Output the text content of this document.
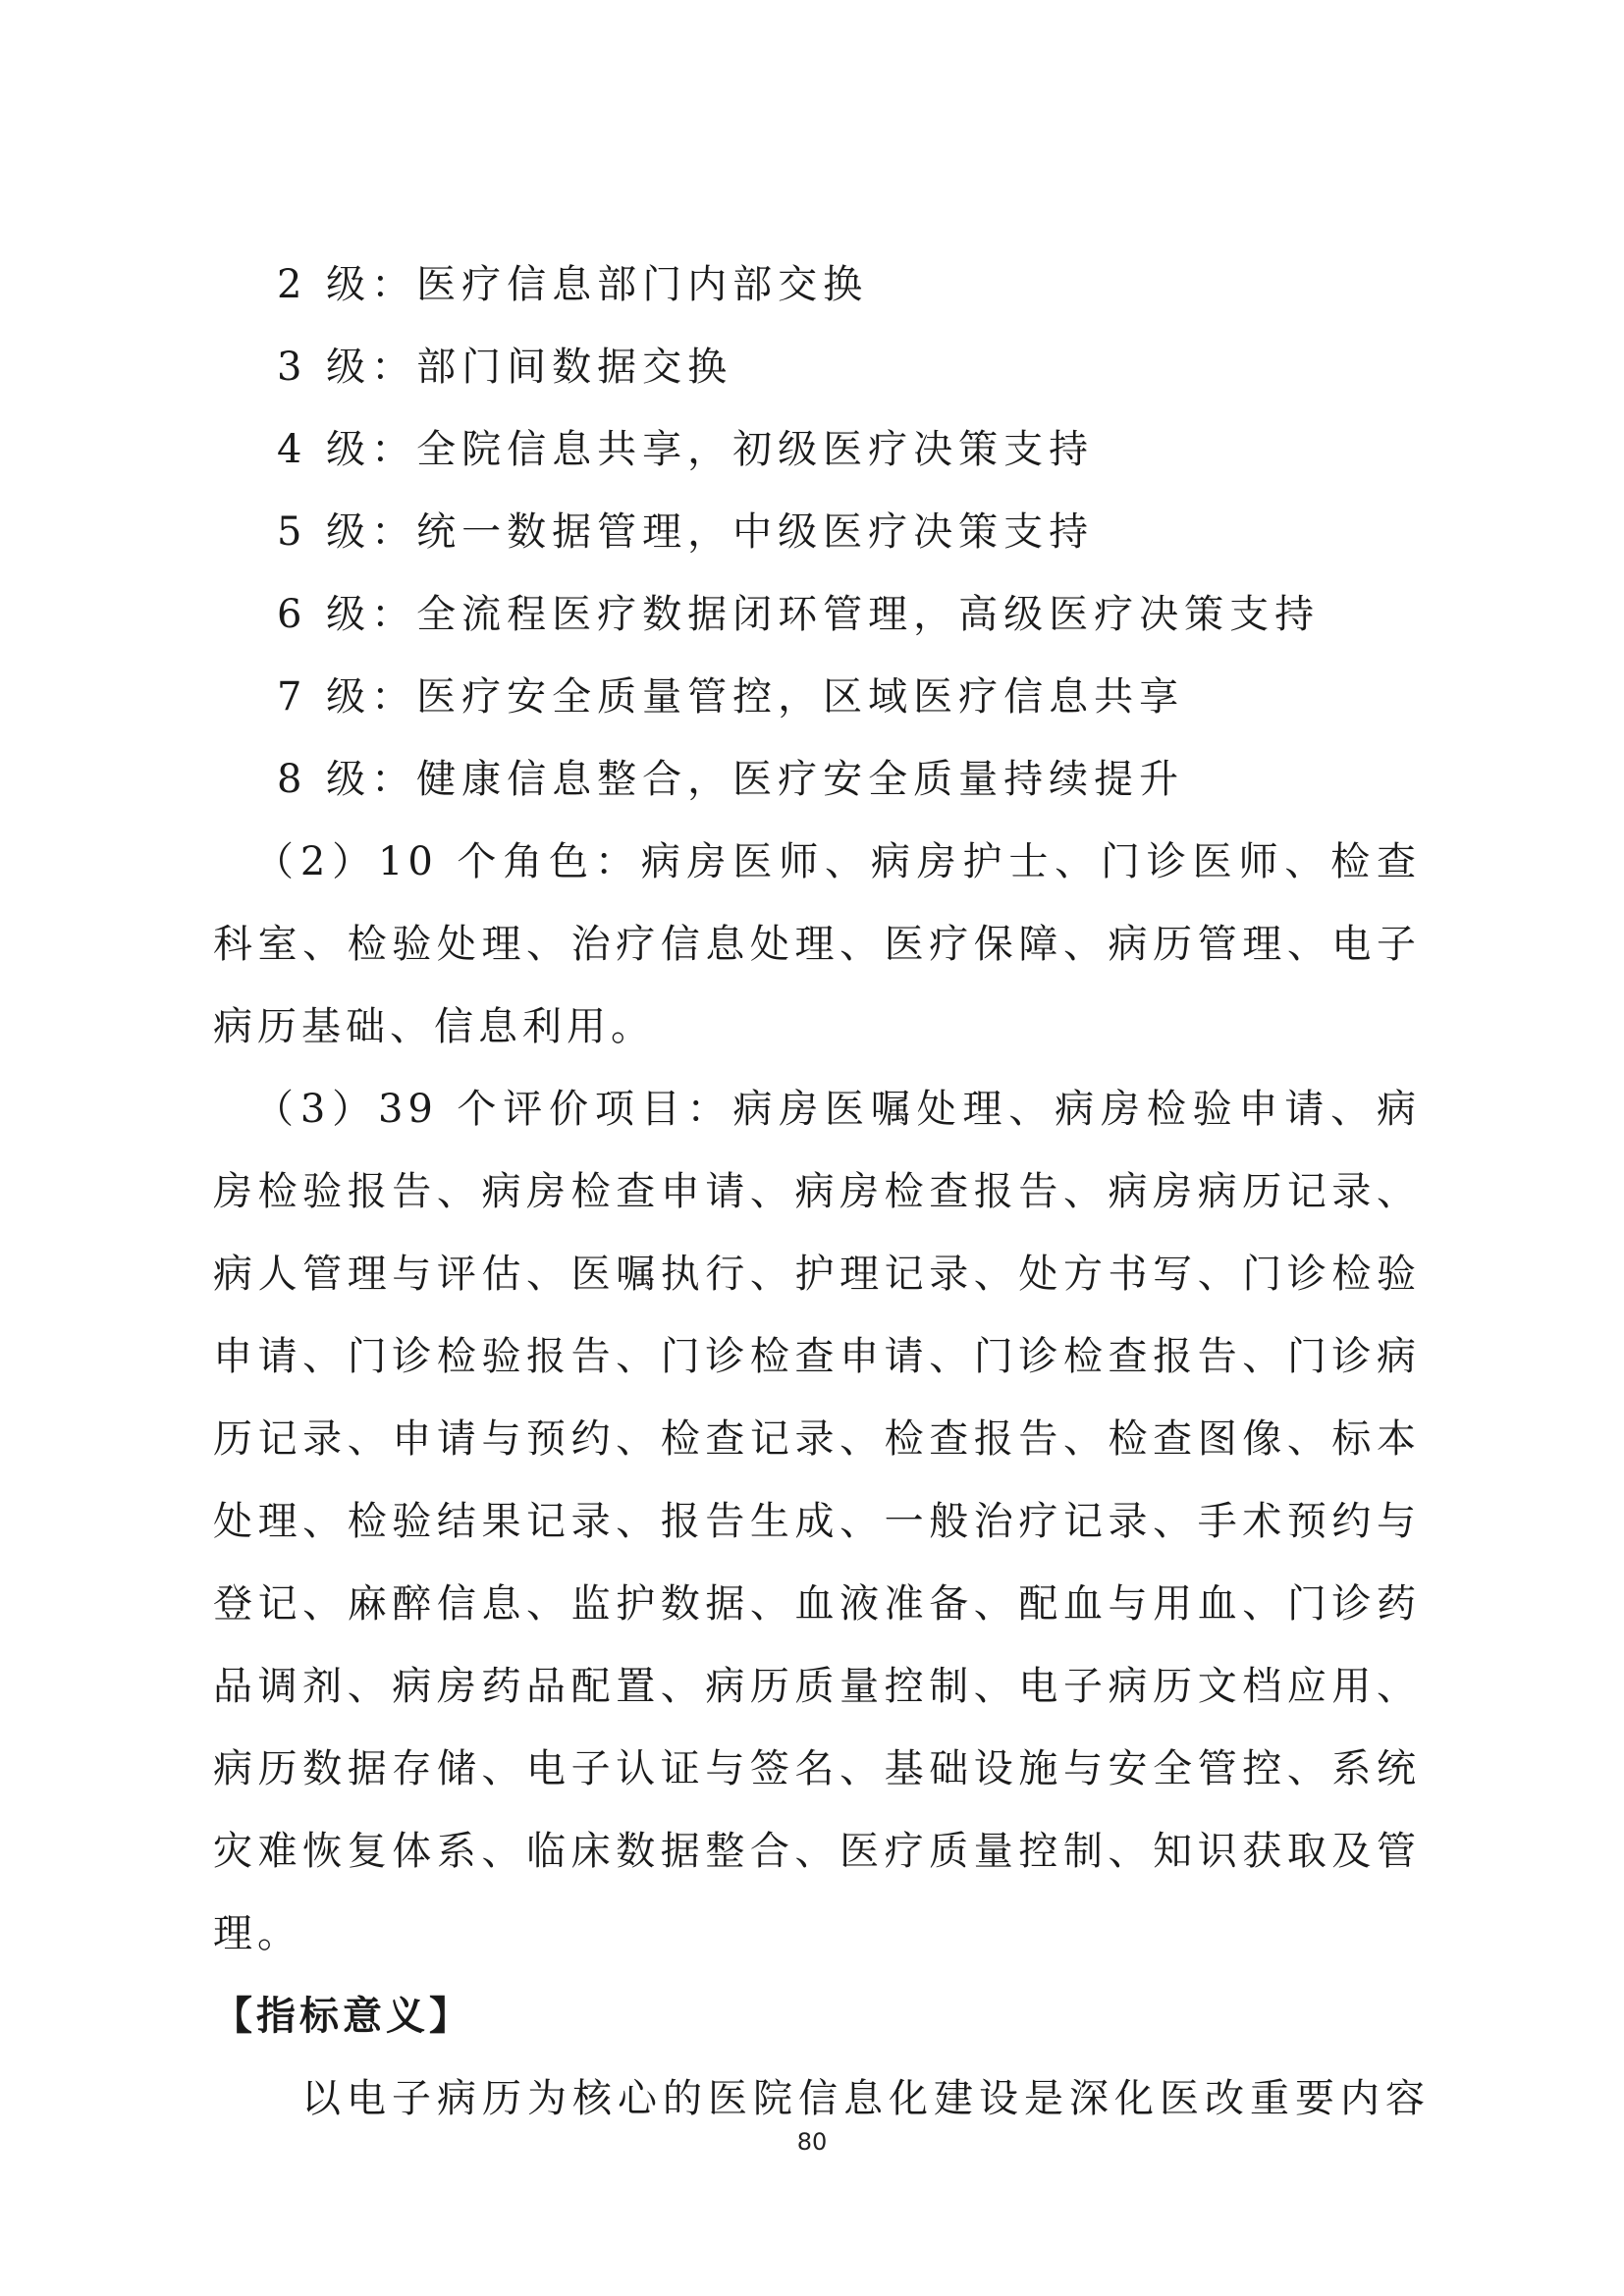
2 级：医疗信息部门内部交换
3 级：部门间数据交换
4 级：全院信息共享，初级医疗决策支持
5 级：统一数据管理，中级医疗决策支持
6 级：全流程医疗数据闭环管理，高级医疗决策支持
7 级：医疗安全质量管控，区域医疗信息共享
8 级：健康信息整合，医疗安全质量持续提升

（2）10 个角色：病房医师、病房护士、门诊医师、检查科室、检验处理、治疗信息处理、医疗保障、病历管理、电子病历基础、信息利用。

（3）39 个评价项目：病房医嘱处理、病房检验申请、病房检验报告、病房检查申请、病房检查报告、病房病历记录、病人管理与评估、医嘱执行、护理记录、处方书写、门诊检验申请、门诊检验报告、门诊检查申请、门诊检查报告、门诊病历记录、申请与预约、检查记录、检查报告、检查图像、标本处理、检验结果记录、报告生成、一般治疗记录、手术预约与登记、麻醉信息、监护数据、血液准备、配血与用血、门诊药品调剂、病房药品配置、病历质量控制、电子病历文档应用、病历数据存储、电子认证与签名、基础设施与安全管控、系统灾难恢复体系、临床数据整合、医疗质量控制、知识获取及管理。

【指标意义】

以电子病历为核心的医院信息化建设是深化医改重要内容

80
